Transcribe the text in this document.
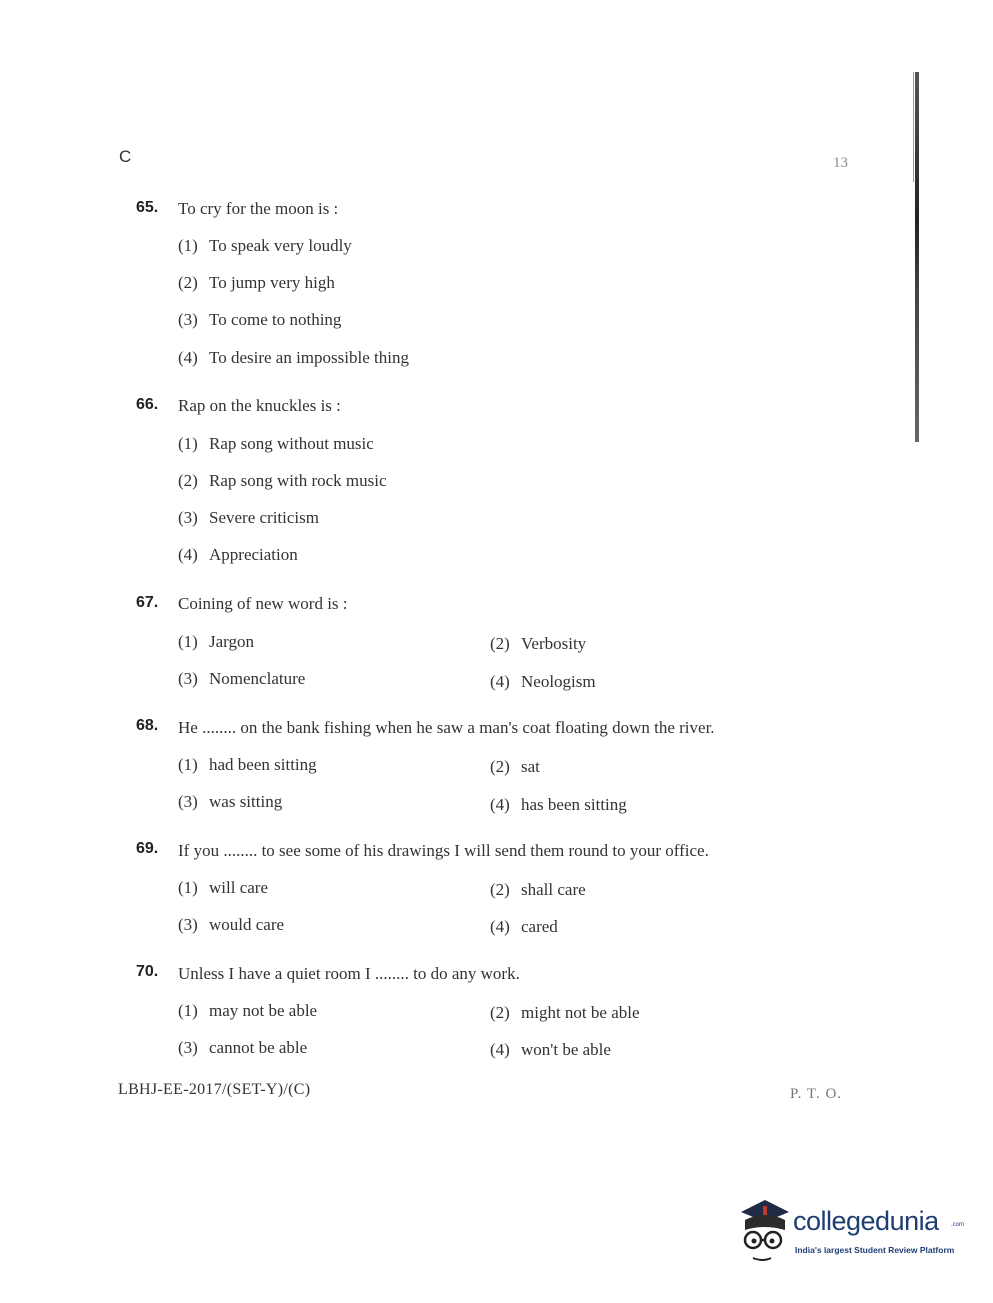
C	13
65. To cry for the moon is :
(1) To speak very loudly
(2) To jump very high
(3) To come to nothing
(4) To desire an impossible thing
66. Rap on the knuckles is :
(1) Rap song without music
(2) Rap song with rock music
(3) Severe criticism
(4) Appreciation
67. Coining of new word is :
(1) Jargon	(2) Verbosity
(3) Nomenclature	(4) Neologism
68. He ........ on the bank fishing when he saw a man's coat floating down the river.
(1) had been sitting	(2) sat
(3) was sitting	(4) has been sitting
69. If you ........ to see some of his drawings I will send them round to your office.
(1) will care	(2) shall care
(3) would care	(4) cared
70. Unless I have a quiet room I ........ to do any work.
(1) may not be able	(2) might not be able
(3) cannot be able	(4) won't be able
LBHJ-EE-2017/(SET-Y)/(C)	P. T. O.
collegedunia .com
India's largest Student Review Platform
